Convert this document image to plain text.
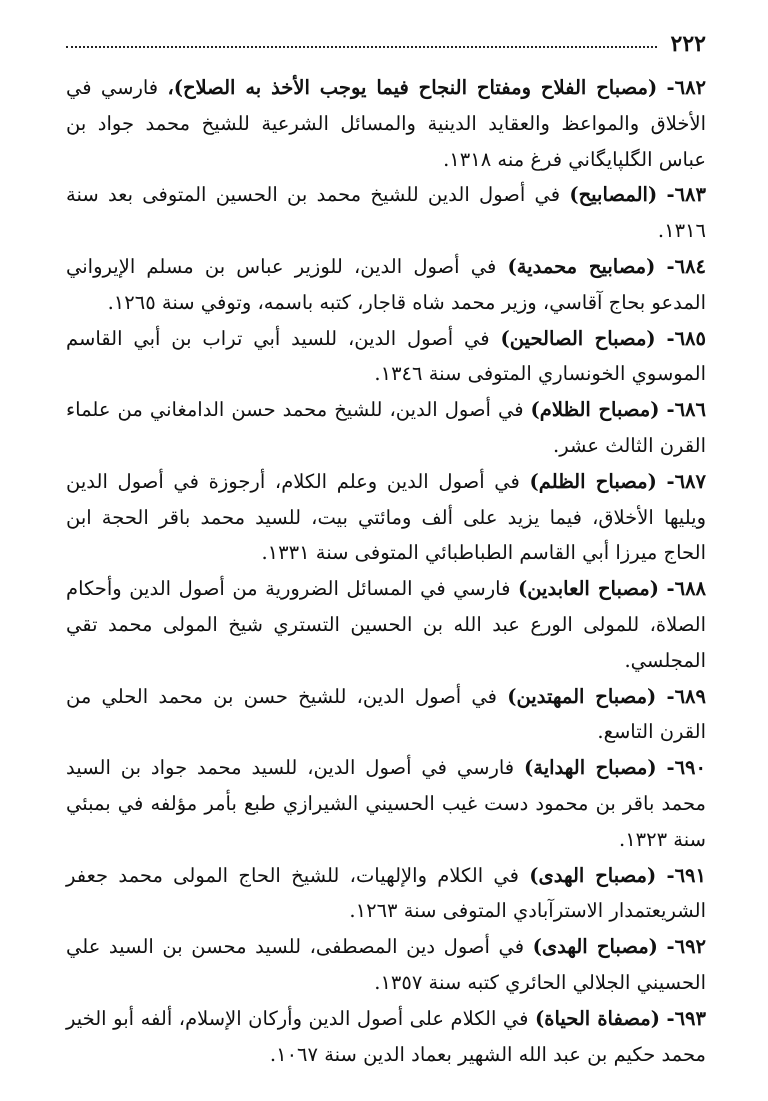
٢٢٢

٦٨٢- (مصباح الفلاح ومفتاح النجاح فيما يوجب الأخذ به الصلاح)، فارسي في الأخلاق والمواعظ والعقايد الدينية والمسائل الشرعية للشيخ محمد جواد بن عباس الگلپايگاني فرغ منه ١٣١٨.

٦٨٣- (المصابيح) في أصول الدين للشيخ محمد بن الحسين المتوفى بعد سنة ١٣١٦.

٦٨٤- (مصابيح محمدية) في أصول الدين، للوزير عباس بن مسلم الإيرواني المدعو بحاج آقاسي، وزير محمد شاه قاجار، كتبه باسمه، وتوفي سنة ١٢٦٥.

٦٨٥- (مصباح الصالحين) في أصول الدين، للسيد أبي تراب بن أبي القاسم الموسوي الخونساري المتوفى سنة ١٣٤٦.

٦٨٦- (مصباح الظلام) في أصول الدين، للشيخ محمد حسن الدامغاني من علماء القرن الثالث عشر.

٦٨٧- (مصباح الظلم) في أصول الدين وعلم الكلام، أرجوزة في أصول الدين ويليها الأخلاق، فيما يزيد على ألف ومائتي بيت، للسيد محمد باقر الحجة ابن الحاج ميرزا أبي القاسم الطباطبائي المتوفى سنة ١٣٣١.

٦٨٨- (مصباح العابدين) فارسي في المسائل الضرورية من أصول الدين وأحكام الصلاة، للمولى الورع عبد الله بن الحسين التستري شيخ المولى محمد تقي المجلسي.

٦٨٩- (مصباح المهتدين) في أصول الدين، للشيخ حسن بن محمد الحلي من القرن التاسع.

٦٩٠- (مصباح الهداية) فارسي في أصول الدين، للسيد محمد جواد بن السيد محمد باقر بن محمود دست غيب الحسيني الشيرازي طبع بأمر مؤلفه في بمبئي سنة ١٣٢٣.

٦٩١- (مصباح الهدى) في الكلام والإلهيات، للشيخ الحاج المولى محمد جعفر الشريعتمدار الاسترآبادي المتوفى سنة ١٢٦٣.

٦٩٢- (مصباح الهدى) في أصول دين المصطفى، للسيد محسن بن السيد علي الحسيني الجلالي الحائري كتبه سنة ١٣٥٧.

٦٩٣- (مصفاة الحياة) في الكلام على أصول الدين وأركان الإسلام، ألفه أبو الخير محمد حكيم بن عبد الله الشهير بعماد الدين سنة ١٠٦٧.
